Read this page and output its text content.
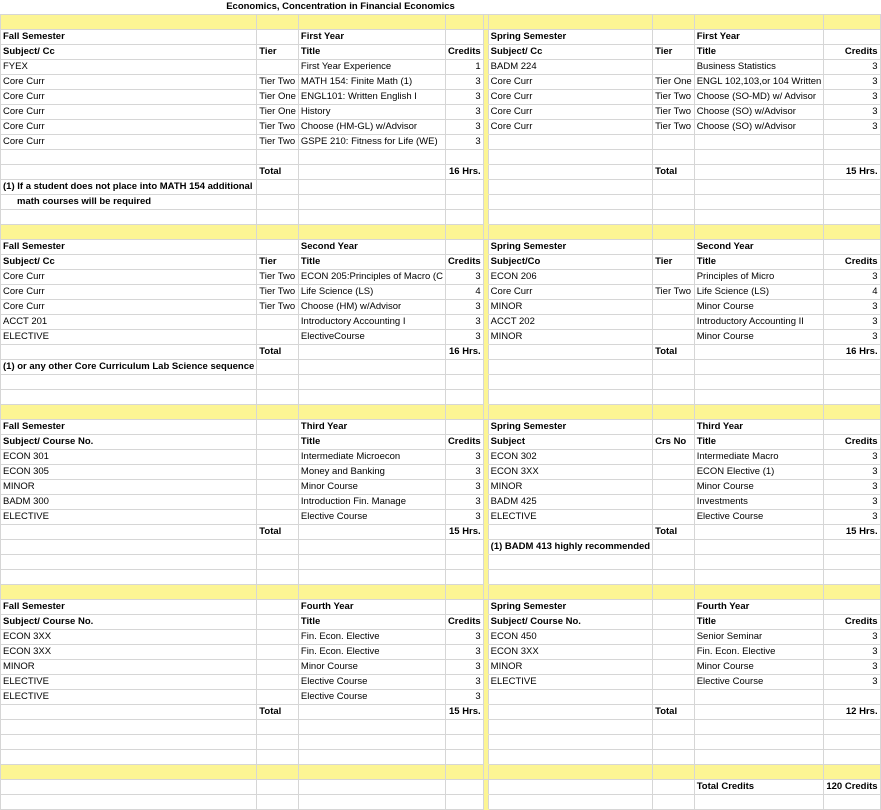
Economics, Concentration in Financial Economics

Fall Semester		First Year			Spring Semester		First Year	
Subject/ Cc	Tier	Title	Credits		Subject/ Cc	Tier	Title	Credits
FYEX		First Year Experience	1		BADM 224		Business Statistics	3
Core Curr	Tier Two	MATH 154: Finite Math (1)	3		Core Curr	Tier One	ENGL 102,103,or 104 Written	3
Core Curr	Tier One	ENGL101: Written English I	3		Core Curr	Tier Two	Choose (SO-MD) w/ Advisor	3
Core Curr	Tier One	History	3		Core Curr	Tier Two	Choose (SO) w/Advisor	3
Core Curr	Tier Two	Choose (HM-GL) w/Advisor	3		Core Curr	Tier Two	Choose (SO) w/Advisor	3
Core Curr	Tier Two	GSPE 210: Fitness for Life (WE)	3					

	Total		16 Hrs.			Total		15 Hrs.
(1) If a student does not place into MATH 154 additional								
math courses will be required								

Fall Semester		Second Year			Spring Semester		Second Year	
Subject/ Cc	Tier	Title	Credits		Subject/Co	Tier	Title	Credits
Core Curr	Tier Two	ECON 205:Principles of Macro (C	3		ECON 206		Principles of Micro	3
Core Curr	Tier Two	Life Science (LS)	4		Core Curr	Tier Two	Life Science (LS)	4
Core Curr	Tier Two	Choose (HM) w/Advisor	3		MINOR		Minor Course	3
ACCT 201		Introductory Accounting I	3		ACCT 202		Introductory Accounting II	3
ELECTIVE		ElectiveCourse	3		MINOR		Minor Course	3
	Total		16 Hrs.			Total		16 Hrs.
(1) or any other Core Curriculum Lab Science sequence								

Fall Semester		Third Year			Spring Semester		Third Year	
Subject/ Course No.		Title	Credits		Subject	Crs No	Title	Credits
ECON 301		Intermediate Microecon	3		ECON 302		Intermediate Macro	3
ECON 305		Money and Banking	3		ECON 3XX		ECON Elective (1)	3
MINOR		Minor Course	3		MINOR		Minor Course	3
BADM 300		Introduction Fin. Manage	3		BADM 425		Investments	3
ELECTIVE		Elective Course	3		ELECTIVE		Elective Course	3
	Total		15 Hrs.			Total		15 Hrs.
					(1) BADM 413 highly recommended			

Fall Semester		Fourth Year			Spring Semester		Fourth Year	
Subject/ Course No.		Title	Credits		Subject/ Course No.		Title	Credits
ECON 3XX		Fin. Econ. Elective	3		ECON 450		Senior Seminar	3
ECON 3XX		Fin. Econ. Elective	3		ECON 3XX		Fin. Econ. Elective	3
MINOR		Minor Course	3		MINOR		Minor Course	3
ELECTIVE		Elective Course	3		ELECTIVE		Elective Course	3
ELECTIVE		Elective Course	3					
	Total		15 Hrs.			Total		12 Hrs.

							Total Credits	120 Credits
